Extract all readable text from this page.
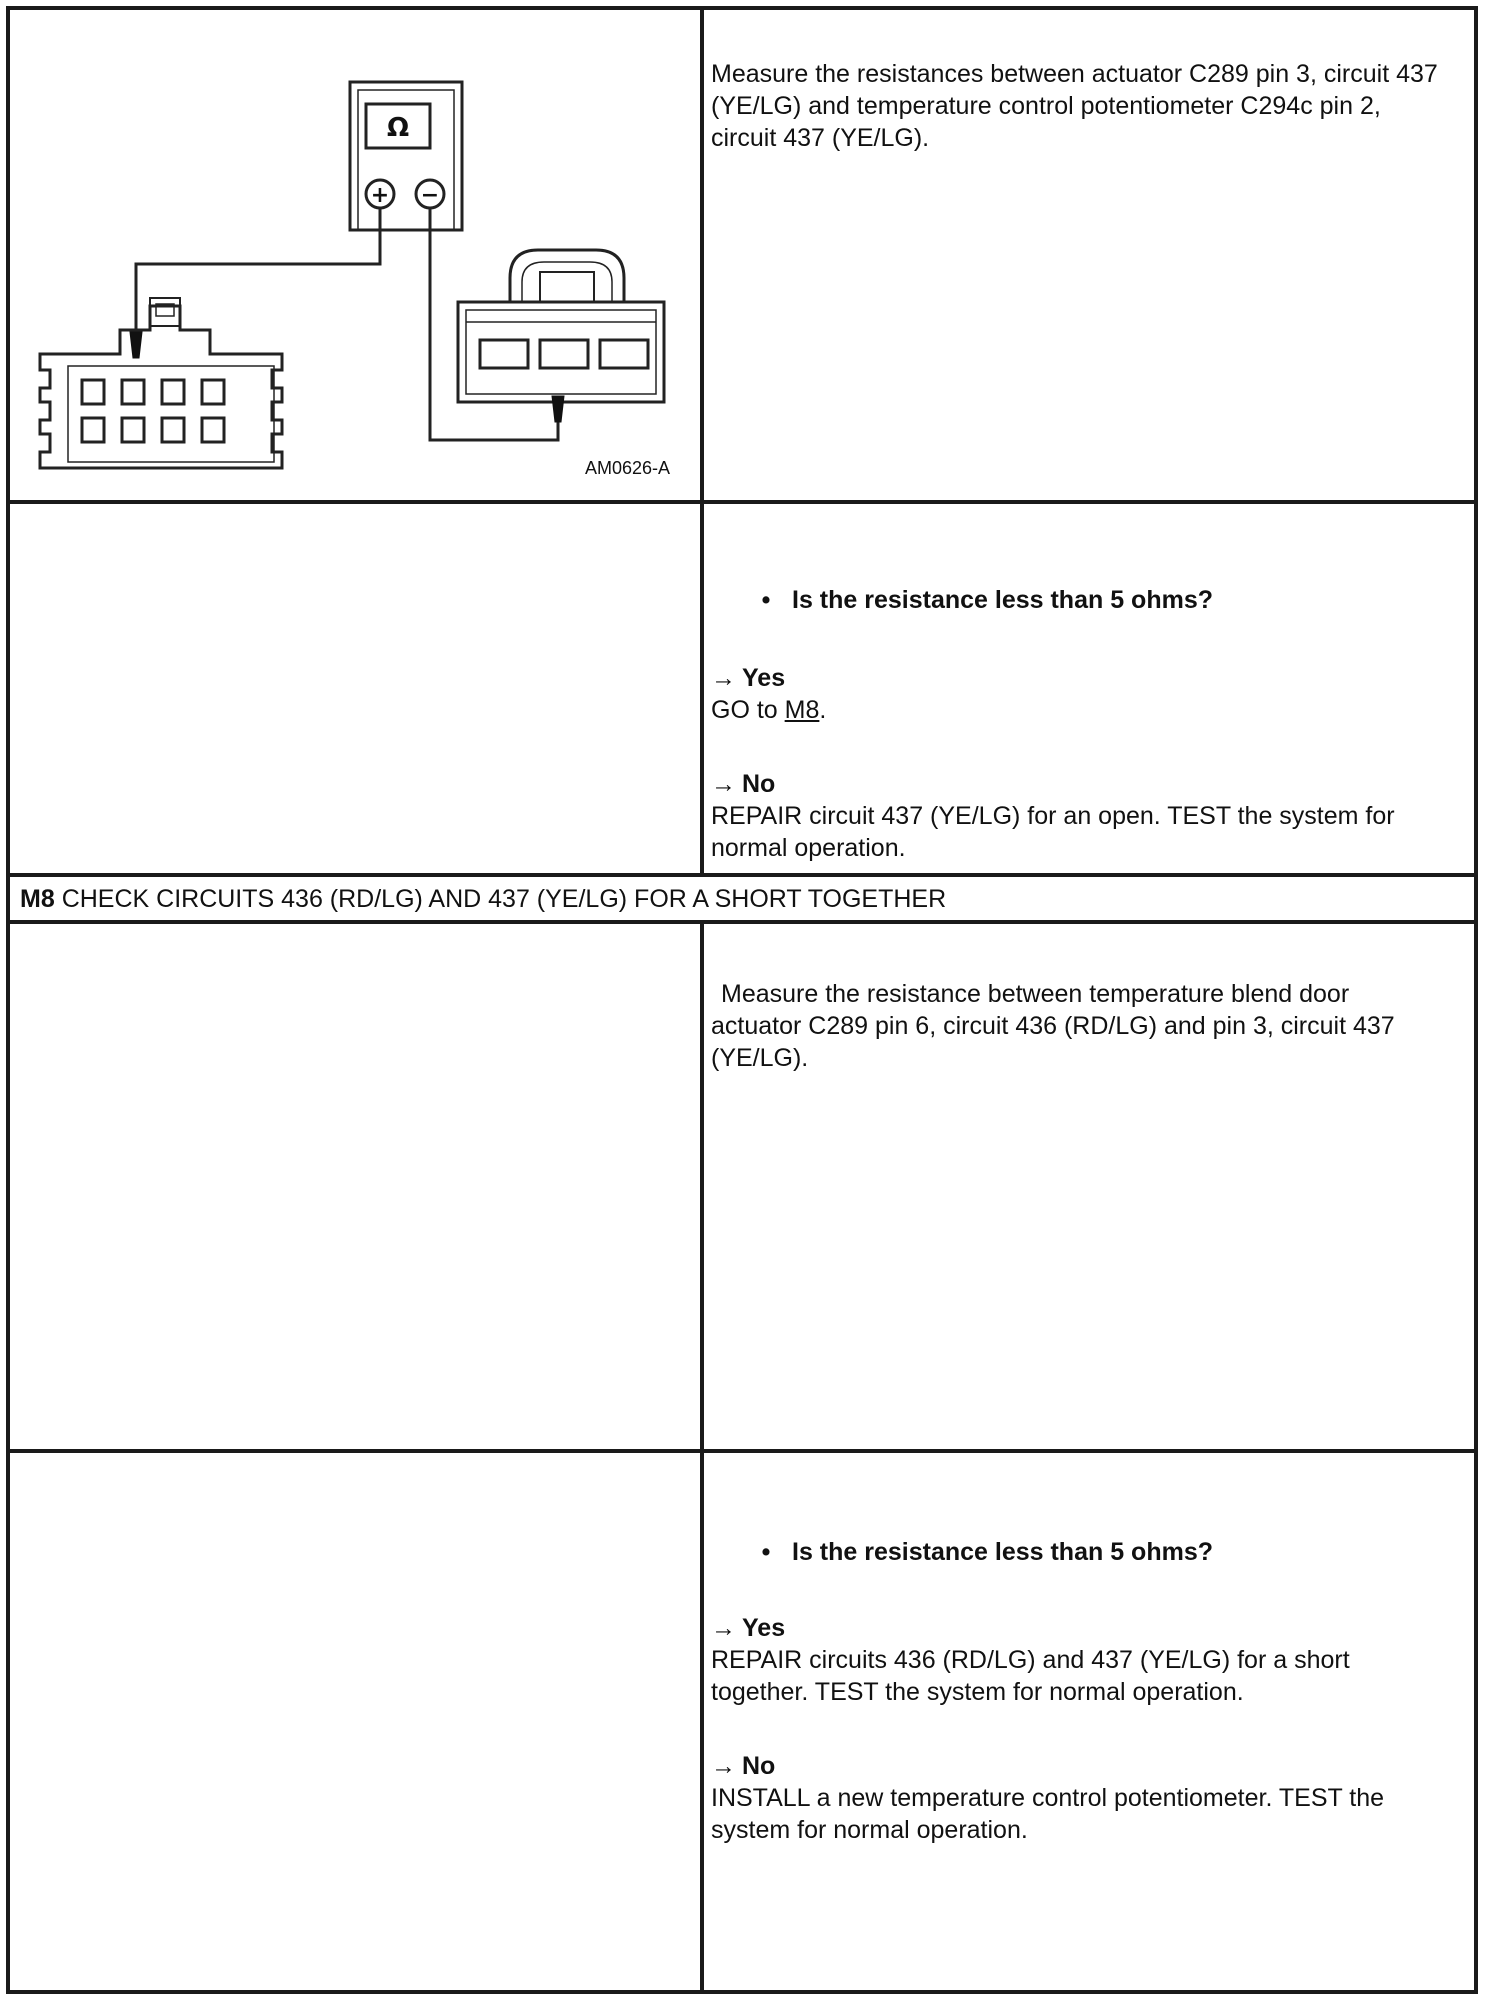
Ω
+ −
AM0626-A
Measure the resistances between actuator C289 pin 3, circuit 437 (YE/LG) and temperature control potentiometer C294c pin 2, circuit 437 (YE/LG).
• Is the resistance less than 5 ohms?
→ Yes
GO to M8.
→ No
REPAIR circuit 437 (YE/LG) for an open. TEST the system for normal operation.
M8 CHECK CIRCUITS 436 (RD/LG) AND 437 (YE/LG) FOR A SHORT TOGETHER
Measure the resistance between temperature blend door actuator C289 pin 6, circuit 436 (RD/LG) and pin 3, circuit 437 (YE/LG).
• Is the resistance less than 5 ohms?
→ Yes
REPAIR circuits 436 (RD/LG) and 437 (YE/LG) for a short together. TEST the system for normal operation.
→ No
INSTALL a new temperature control potentiometer. TEST the system for normal operation.
